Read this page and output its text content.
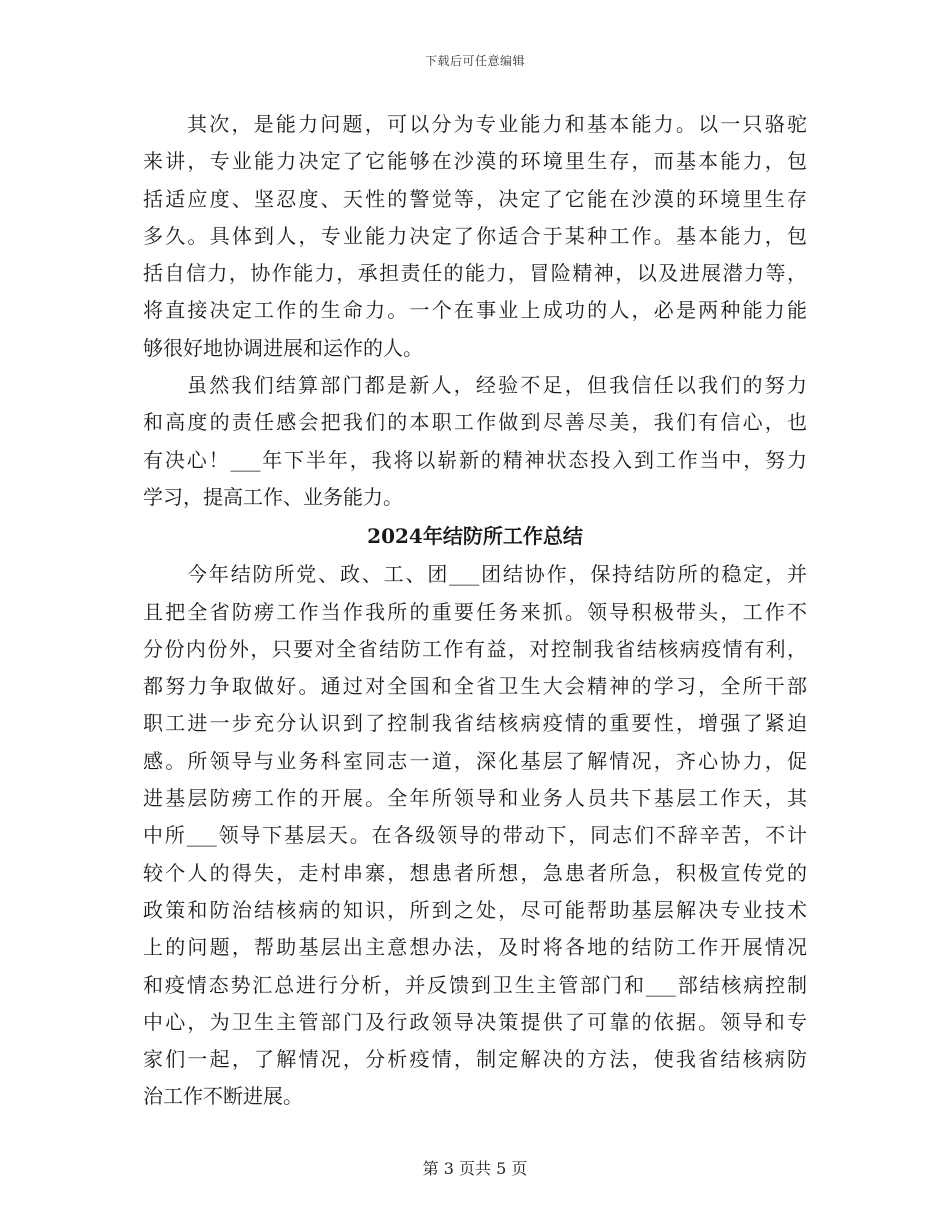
下载后可任意编辑
其次，是能力问题，可以分为专业能力和基本能力。以一只骆驼
来讲，专业能力决定了它能够在沙漠的环境里生存，而基本能力，包
括适应度、坚忍度、天性的警觉等，决定了它能在沙漠的环境里生存
多久。具体到人，专业能力决定了你适合于某种工作。基本能力，包
括自信力，协作能力，承担责任的能力，冒险精神，以及进展潜力等，
将直接决定工作的生命力。一个在事业上成功的人，必是两种能力能
够很好地协调进展和运作的人。
虽然我们结算部门都是新人，经验不足，但我信任以我们的努力
和高度的责任感会把我们的本职工作做到尽善尽美，我们有信心，也
有决心！___年下半年，我将以崭新的精神状态投入到工作当中，努力
学习，提高工作、业务能力。
2024年结防所工作总结
今年结防所党、政、工、团___团结协作，保持结防所的稳定，并
且把全省防痨工作当作我所的重要任务来抓。领导积极带头，工作不
分份内份外，只要对全省结防工作有益，对控制我省结核病疫情有利，
都努力争取做好。通过对全国和全省卫生大会精神的学习，全所干部
职工进一步充分认识到了控制我省结核病疫情的重要性，增强了紧迫
感。所领导与业务科室同志一道，深化基层了解情况，齐心协力，促
进基层防痨工作的开展。全年所领导和业务人员共下基层工作天，其
中所___领导下基层天。在各级领导的带动下，同志们不辞辛苦，不计
较个人的得失，走村串寨，想患者所想，急患者所急，积极宣传党的
政策和防治结核病的知识，所到之处，尽可能帮助基层解决专业技术
上的问题，帮助基层出主意想办法，及时将各地的结防工作开展情况
和疫情态势汇总进行分析，并反馈到卫生主管部门和___部结核病控制
中心，为卫生主管部门及行政领导决策提供了可靠的依据。领导和专
家们一起，了解情况，分析疫情，制定解决的方法，使我省结核病防
治工作不断进展。
第 3 页共 5 页
